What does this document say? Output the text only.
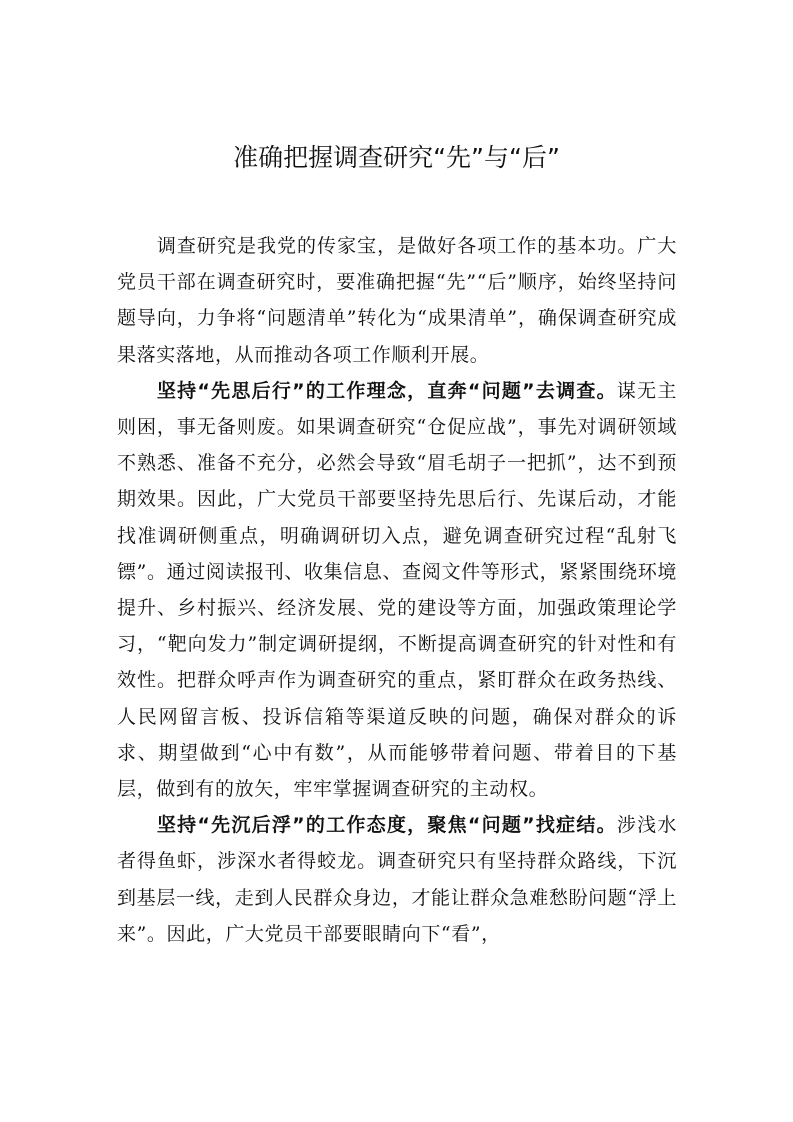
准确把握调查研究“先”与“后”

调查研究是我党的传家宝，是做好各项工作的基本功。广大党员干部在调查研究时，要准确把握“先”“后”顺序，始终坚持问题导向，力争将“问题清单”转化为“成果清单”，确保调查研究成果落实落地，从而推动各项工作顺利开展。

坚持“先思后行”的工作理念，直奔“问题”去调查。谋无主则困，事无备则废。如果调查研究“仓促应战”，事先对调研领域不熟悉、准备不充分，必然会导致“眉毛胡子一把抓”，达不到预期效果。因此，广大党员干部要坚持先思后行、先谋后动，才能找准调研侧重点，明确调研切入点，避免调查研究过程“乱射飞镖”。通过阅读报刊、收集信息、查阅文件等形式，紧紧围绕环境提升、乡村振兴、经济发展、党的建设等方面，加强政策理论学习，“靶向发力”制定调研提纲，不断提高调查研究的针对性和有效性。把群众呼声作为调查研究的重点，紧盯群众在政务热线、人民网留言板、投诉信箱等渠道反映的问题，确保对群众的诉求、期望做到“心中有数”，从而能够带着问题、带着目的下基层，做到有的放矢，牢牢掌握调查研究的主动权。

坚持“先沉后浮”的工作态度，聚焦“问题”找症结。涉浅水者得鱼虾，涉深水者得蛟龙。调查研究只有坚持群众路线，下沉到基层一线，走到人民群众身边，才能让群众急难愁盼问题“浮上来”。因此，广大党员干部要眼睛向下“看”，
